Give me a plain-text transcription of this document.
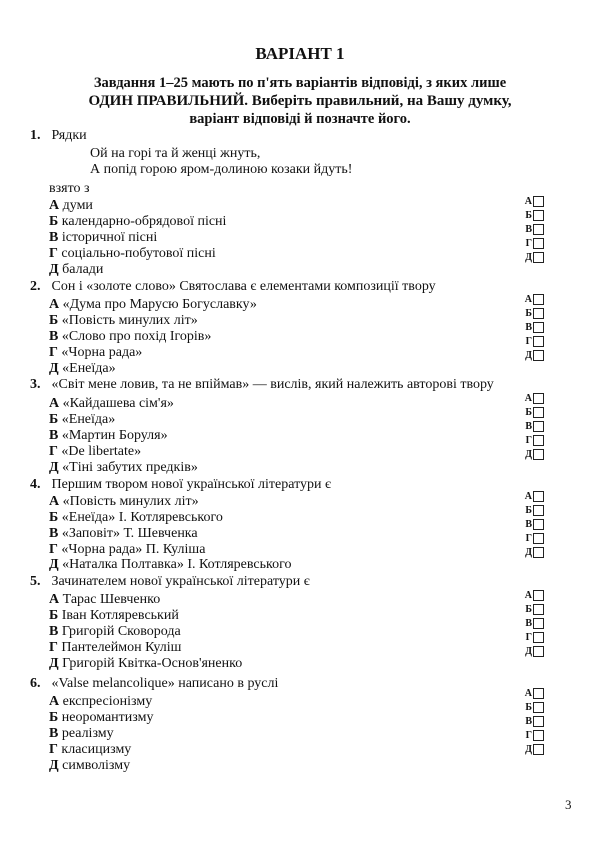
ВАРІАНТ 1
Завдання 1–25 мають по п'ять варіантів відповіді, з яких лише
ОДИН ПРАВИЛЬНИЙ. Виберіть правильний, на Вашу думку,
варіант відповіді й позначте його.
1. Рядки
Ой на горі та й женці жнуть,
А попід горою яром-долиною козаки йдуть!
взято з
А думи
Б календарно-обрядової пісні
В історичної пісні
Г соціально-побутової пісні
Д балади
А
Б
В
Г
Д
2. Сон і «золоте слово» Святослава є елементами композиції твору
А «Дума про Марусю Богуславку»
Б «Повість минулих літ»
В «Слово про похід Ігорів»
Г «Чорна рада»
Д «Енеїда»
А
Б
В
Г
Д
3. «Світ мене ловив, та не впіймав» — вислів, який належить авторові твору
А «Кайдашева сім'я»
Б «Енеїда»
В «Мартин Боруля»
Г «De libertate»
Д «Тіні забутих предків»
А
Б
В
Г
Д
4. Першим твором нової української літератури є
А «Повість минулих літ»
Б «Енеїда» І. Котляревського
В «Заповіт» Т. Шевченка
Г «Чорна рада» П. Куліша
Д «Наталка Полтавка» І. Котляревського
А
Б
В
Г
Д
5. Зачинателем нової української літератури є
А Тарас Шевченко
Б Іван Котляревський
В Григорій Сковорода
Г Пантелеймон Куліш
Д Григорій Квітка-Основ'яненко
А
Б
В
Г
Д
6. «Valse melancolique» написано в руслі
А експресіонізму
Б неоромантизму
В реалізму
Г класицизму
Д символізму
А
Б
В
Г
Д
3
